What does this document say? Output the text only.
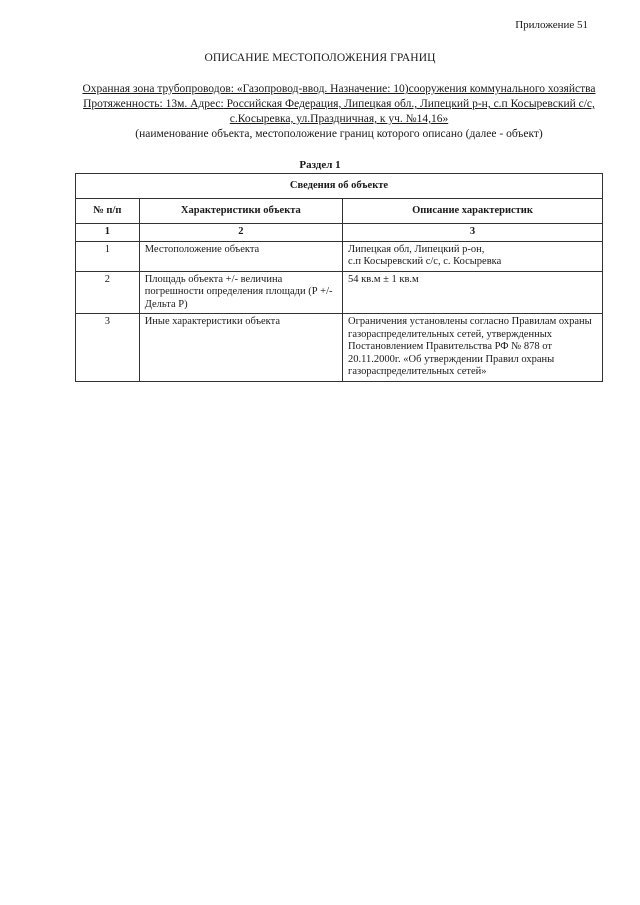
Приложение 51
ОПИСАНИЕ МЕСТОПОЛОЖЕНИЯ ГРАНИЦ
Охранная зона трубопроводов: «Газопровод-ввод. Назначение: 10)сооружения коммунального хозяйства Протяженность: 13м. Адрес: Российская Федерация, Липецкая обл., Липецкий р-н, с.п Косыревский с/с, с.Косыревка, ул.Праздничная, к уч. №14,16»
(наименование объекта, местоположение границ которого описано (далее - объект)
Раздел 1
Сведения об объекте		
№ п/п	Характеристики объекта	Описание характеристик
1	2	3
1	Местоположение объекта	Липецкая обл, Липецкий р-он,
с.п Косыревский с/с, с. Косыревка

2	Площадь объекта +/- величина погрешности определения площади (Р +/- Дельта Р)	54 кв.м ± 1 кв.м

3	Иные характеристики объекта	Ограничения установлены согласно Правилам охраны газораспределительных сетей, утвержденных Постановлением Правительства РФ № 878 от 20.11.2000г. «Об утверждении Правил охраны газораспределительных сетей»
